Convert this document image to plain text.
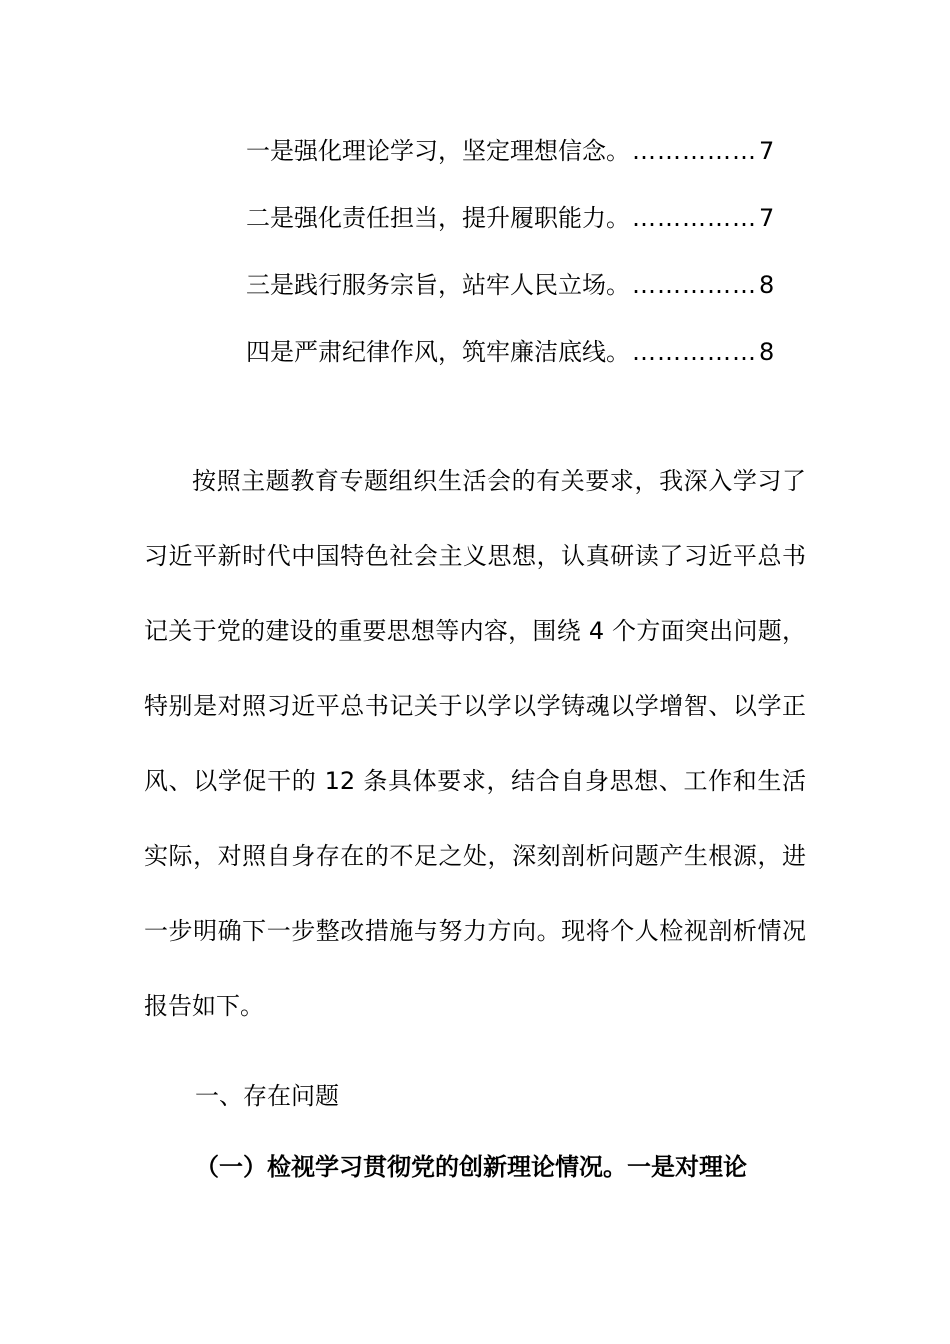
一是强化理论学习，坚定理想信念。 …………… 7
二是强化责任担当，提升履职能力。 …………… 7
三是践行服务宗旨，站牢人民立场。 …………… 8
四是严肃纪律作风，筑牢廉洁底线。 …………… 8

按照主题教育专题组织生活会的有关要求，我深入学习了习近平新时代中国特色社会主义思想，认真研读了习近平总书记关于党的建设的重要思想等内容，围绕 4 个方面突出问题，特别是对照习近平总书记关于以学以学铸魂以学增智、以学正风、以学促干的 12 条具体要求，结合自身思想、工作和生活实际，对照自身存在的不足之处，深刻剖析问题产生根源，进一步明确下一步整改措施与努力方向。现将个人检视剖析情况报告如下。

一、存在问题

（一）检视学习贯彻党的创新理论情况。一是对理论
